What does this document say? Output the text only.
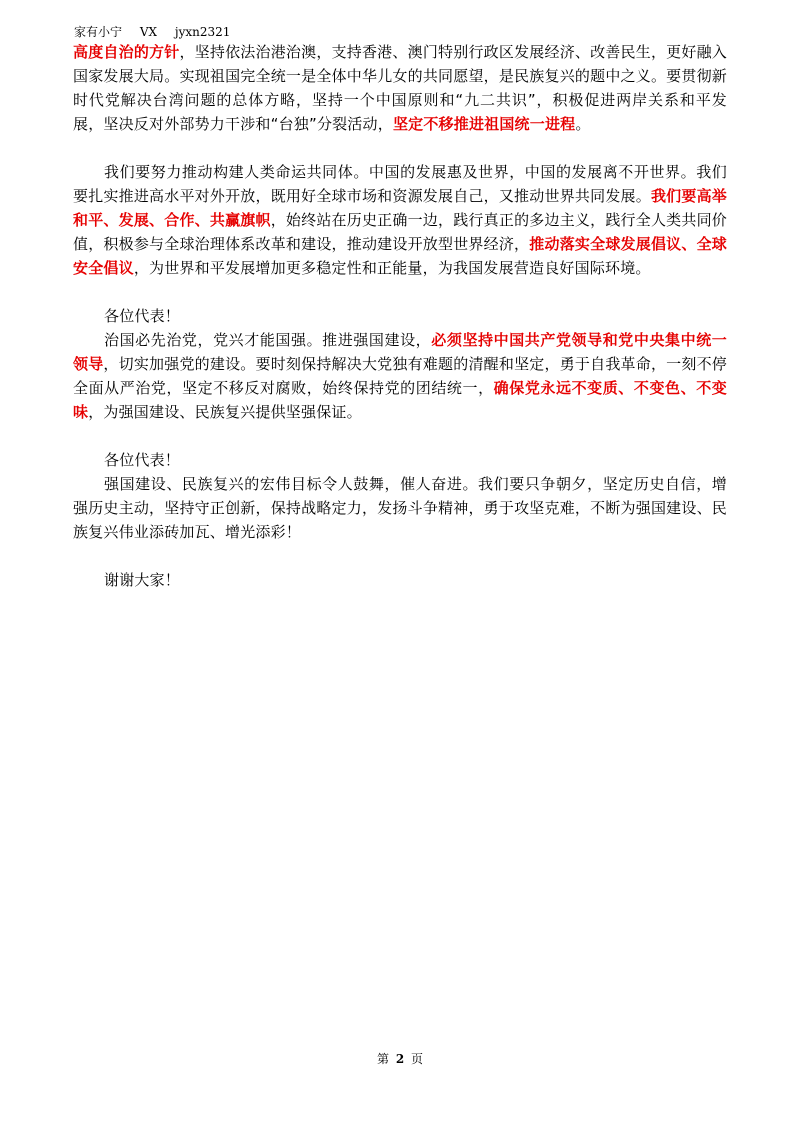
家有小宁 VX jyxn2321

高度自治的方针，坚持依法治港治澳，支持香港、澳门特别行政区发展经济、改善民生，更好融入国家发展大局。实现祖国完全统一是全体中华儿女的共同愿望，是民族复兴的题中之义。要贯彻新时代党解决台湾问题的总体方略，坚持一个中国原则和“九二共识”，积极促进两岸关系和平发展，坚决反对外部势力干涉和“台独”分裂活动，坚定不移推进祖国统一进程。

我们要努力推动构建人类命运共同体。中国的发展惠及世界，中国的发展离不开世界。我们要扎实推进高水平对外开放，既用好全球市场和资源发展自己，又推动世界共同发展。我们要高举和平、发展、合作、共赢旗帜，始终站在历史正确一边，践行真正的多边主义，践行全人类共同价值，积极参与全球治理体系改革和建设，推动建设开放型世界经济，推动落实全球发展倡议、全球安全倡议，为世界和平发展增加更多稳定性和正能量，为我国发展营造良好国际环境。

各位代表！

治国必先治党，党兴才能国强。推进强国建设，必须坚持中国共产党领导和党中央集中统一领导，切实加强党的建设。要时刻保持解决大党独有难题的清醒和坚定，勇于自我革命，一刻不停全面从严治党，坚定不移反对腐败，始终保持党的团结统一，确保党永远不变质、不变色、不变味，为强国建设、民族复兴提供坚强保证。

各位代表！

强国建设、民族复兴的宏伟目标令人鼓舞，催人奋进。我们要只争朝夕，坚定历史自信，增强历史主动，坚持守正创新，保持战略定力，发扬斗争精神，勇于攻坚克难，不断为强国建设、民族复兴伟业添砖加瓦、增光添彩！

谢谢大家！

第 2 页
